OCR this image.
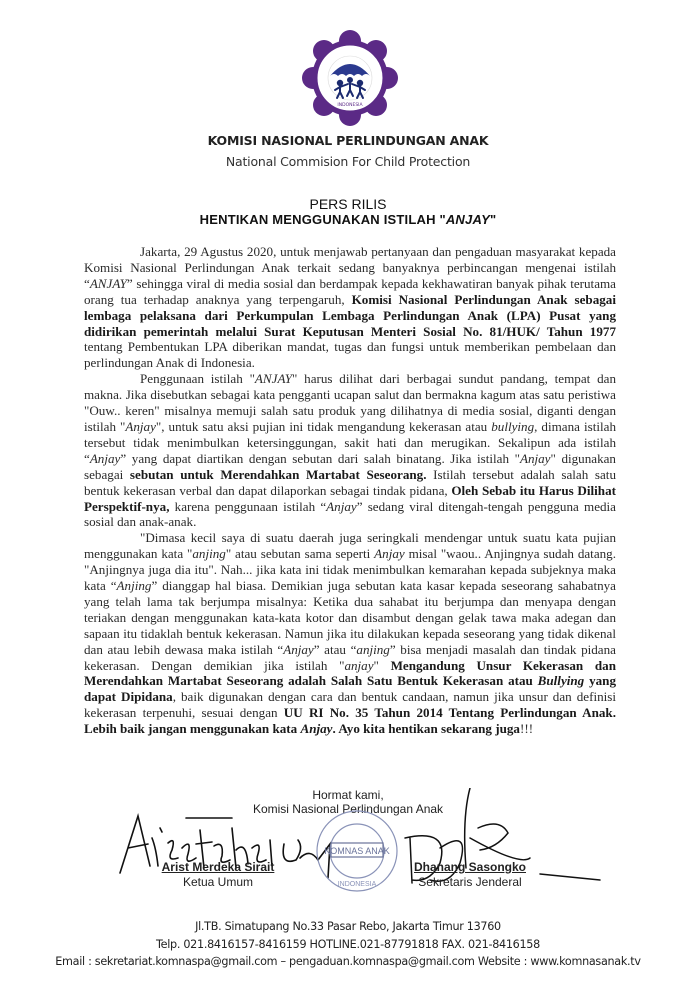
INDONESIA
KOMISI NASIONAL PERLINDUNGAN ANAK
National Commision For Child Protection
PERS RILIS
HENTIKAN MENGGUNAKAN ISTILAH "ANJAY"

Jakarta, 29 Agustus 2020, untuk menjawab pertanyaan dan pengaduan masyarakat kepada Komisi Nasional Perlindungan Anak terkait sedang banyaknya perbincangan mengenai istilah “ANJAY” sehingga viral di media sosial dan berdampak kepada kekhawatiran banyak pihak terutama orang tua terhadap anaknya yang terpengaruh, Komisi Nasional Perlindungan Anak sebagai lembaga pelaksana dari Perkumpulan Lembaga Perlindungan Anak (LPA) Pusat yang didirikan pemerintah melalui Surat Keputusan Menteri Sosial No. 81/HUK/ Tahun 1977 tentang Pembentukan LPA diberikan mandat, tugas dan fungsi untuk memberikan pembelaan dan perlindungan Anak di Indonesia.

Penggunaan istilah "ANJAY" harus dilihat dari berbagai sundut pandang, tempat dan makna. Jika disebutkan sebagai kata pengganti ucapan salut dan bermakna kagum atas satu peristiwa "Ouw.. keren" misalnya memuji salah satu produk yang dilihatnya di media sosial, diganti dengan istilah "Anjay", untuk satu aksi pujian ini tidak mengandung kekerasan atau bullying, dimana istilah tersebut tidak menimbulkan ketersinggungan, sakit hati dan merugikan. Sekalipun ada istilah “Anjay” yang dapat diartikan dengan sebutan dari salah binatang. Jika istilah "Anjay" digunakan sebagai sebutan untuk Merendahkan Martabat Seseorang. Istilah tersebut adalah salah satu bentuk kekerasan verbal dan dapat dilaporkan sebagai tindak pidana, Oleh Sebab itu Harus Dilihat Perspektif-nya, karena penggunaan istilah “Anjay” sedang viral ditengah-tengah pengguna media sosial dan anak-anak.

"Dimasa kecil saya di suatu daerah juga seringkali mendengar untuk suatu kata pujian menggunakan kata "anjing" atau sebutan sama seperti Anjay misal "waou.. Anjingnya sudah datang. "Anjingnya juga dia itu". Nah... jika kata ini tidak menimbulkan kemarahan kepada subjeknya maka kata “Anjing” dianggap hal biasa. Demikian juga sebutan kata kasar kepada seseorang sahabatnya yang telah lama tak berjumpa misalnya: Ketika dua sahabat itu berjumpa dan menyapa dengan teriakan dengan menggunakan kata-kata kotor dan disambut dengan gelak tawa maka adegan dan sapaan itu tidaklah bentuk kekerasan. Namun jika itu dilakukan kepada seseorang yang tidak dikenal dan atau lebih dewasa maka istilah “Anjay” atau “anjing” bisa menjadi masalah dan tindak pidana kekerasan. Dengan demikian jika istilah "anjay" Mengandung Unsur Kekerasan dan Merendahkan Martabat Seseorang adalah Salah Satu Bentuk Kekerasan atau Bullying yang dapat Dipidana, baik digunakan dengan cara dan bentuk candaan, namun jika unsur dan definisi kekerasan terpenuhi, sesuai dengan UU RI No. 35 Tahun 2014 Tentang Perlindungan Anak. Lebih baik jangan menggunakan kata Anjay. Ayo kita hentikan sekarang juga!!!

Hormat kami,
Komisi Nasional Perlindungan Anak
KOMNAS ANAK
INDONESIA
Arist Merdeka Sirait
Ketua Umum
Dhanang Sasongko
Sekretaris Jenderal
Jl.TB. Simatupang No.33 Pasar Rebo, Jakarta Timur 13760
Telp. 021.8416157-8416159 HOTLINE.021-87791818 FAX. 021-8416158
Email : sekretariat.komnaspa@gmail.com – pengaduan.komnaspa@gmail.com Website : www.komnasanak.tv
